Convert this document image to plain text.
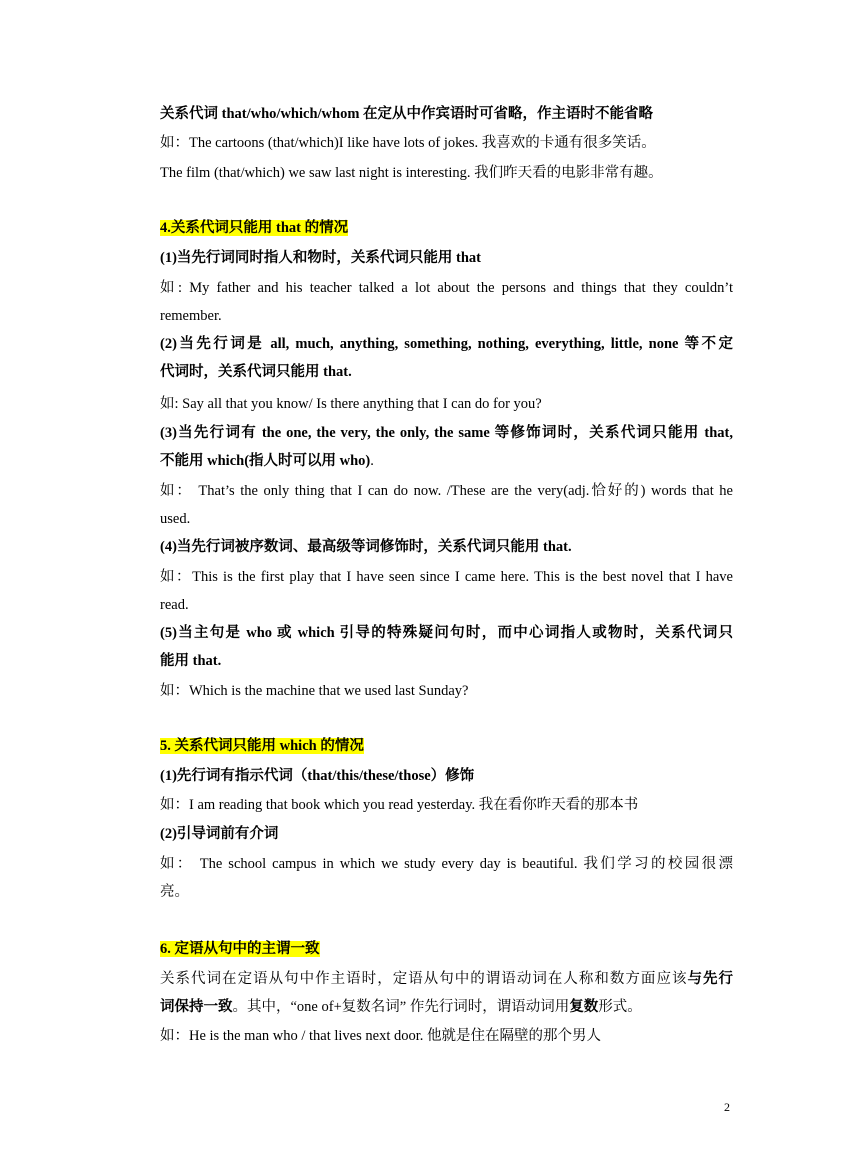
关系代词 that/who/which/whom 在定从中作宾语时可省略，作主语时不能省略
如：The cartoons (that/which)I like have lots of jokes. 我喜欢的卡通有很多笑话。
The film (that/which) we saw last night is interesting. 我们昨天看的电影非常有趣。
4.关系代词只能用 that 的情况
(1)当先行词同时指人和物时，关系代词只能用 that
如: My father and his teacher talked a lot about the persons and things that they couldn’t
remember.
(2)当先行词是 all, much, anything, something, nothing, everything, little, none 等不定
代词时，关系代词只能用 that.
如: Say all that you know/ Is there anything that I can do for you?
(3)当先行词有 the one, the very, the only, the same 等修饰词时，关系代词只能用 that,
不能用 which(指人时可以用 who).
如： That’s the only thing that I can do now. /These are the very(adj.恰好的) words that he
used.
(4)当先行词被序数词、最高级等词修饰时，关系代词只能用 that.
如：This is the first play that I have seen since I came here. This is the best novel that I have
read.
(5)当主句是 who 或 which 引导的特殊疑问句时，而中心词指人或物时，关系代词只
能用 that.
如：Which is the machine that we used last Sunday?
5. 关系代词只能用 which 的情况
(1)先行词有指示代词（that/this/these/those）修饰
如：I am reading that book which you read yesterday. 我在看你昨天看的那本书
(2)引导词前有介词
如： The school campus in which we study every day is beautiful. 我们学习的校园很漂
亮。
6. 定语从句中的主谓一致
关系代词在定语从句中作主语时，定语从句中的谓语动词在人称和数方面应该与先行
词保持一致。其中，“one of+复数名词” 作先行词时，谓语动词用复数形式。
如：He is the man who / that lives next door. 他就是住在隔壁的那个男人
2
